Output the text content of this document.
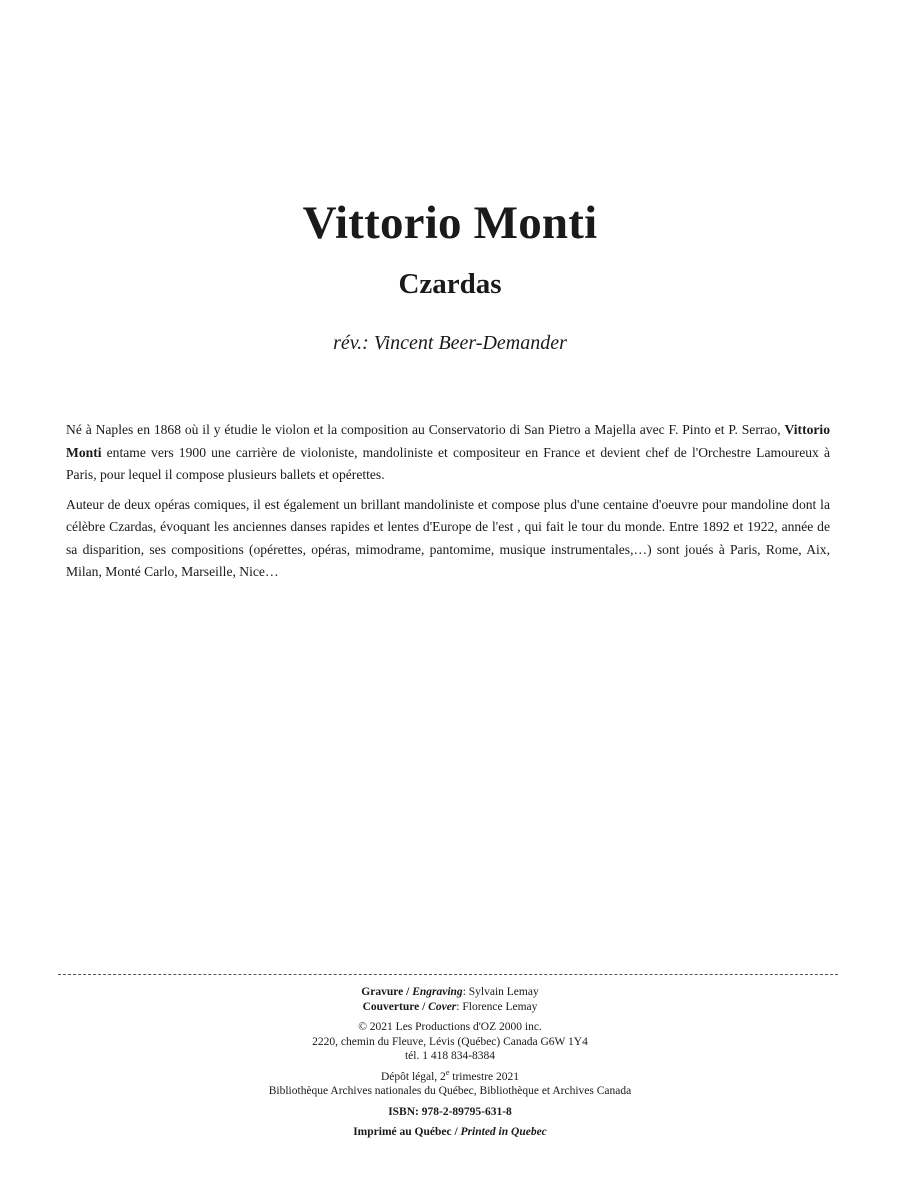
Vittorio Monti
Czardas
rév.: Vincent Beer-Demander

Né à Naples en 1868 où il y étudie le violon et la composition au Conservatorio di San Pietro a Majella avec F. Pinto et P. Serrao, Vittorio Monti entame vers 1900 une carrière de violoniste, mandoliniste et compositeur en France et devient chef de l'Orchestre Lamoureux à Paris, pour lequel il compose plusieurs ballets et opérettes.

Auteur de deux opéras comiques, il est également un brillant mandoliniste et compose plus d'une centaine d'oeuvre pour mandoline dont la célèbre Czardas, évoquant les anciennes danses rapides et lentes d'Europe de l'est , qui fait le tour du monde. Entre 1892 et 1922, année de sa disparition, ses compositions (opérettes, opéras, mimodrame, pantomime, musique instrumentales,…) sont joués à Paris, Rome, Aix, Milan, Monté Carlo, Marseille, Nice…

Gravure / Engraving: Sylvain Lemay
Couverture / Cover: Florence Lemay
© 2021 Les Productions d'OZ 2000 inc.
2220, chemin du Fleuve, Lévis (Québec) Canada G6W 1Y4
tél. 1 418 834-8384
Dépôt légal, 2e trimestre 2021
Bibliothèque Archives nationales du Québec, Bibliothèque et Archives Canada
ISBN: 978-2-89795-631-8
Imprimé au Québec / Printed in Quebec
